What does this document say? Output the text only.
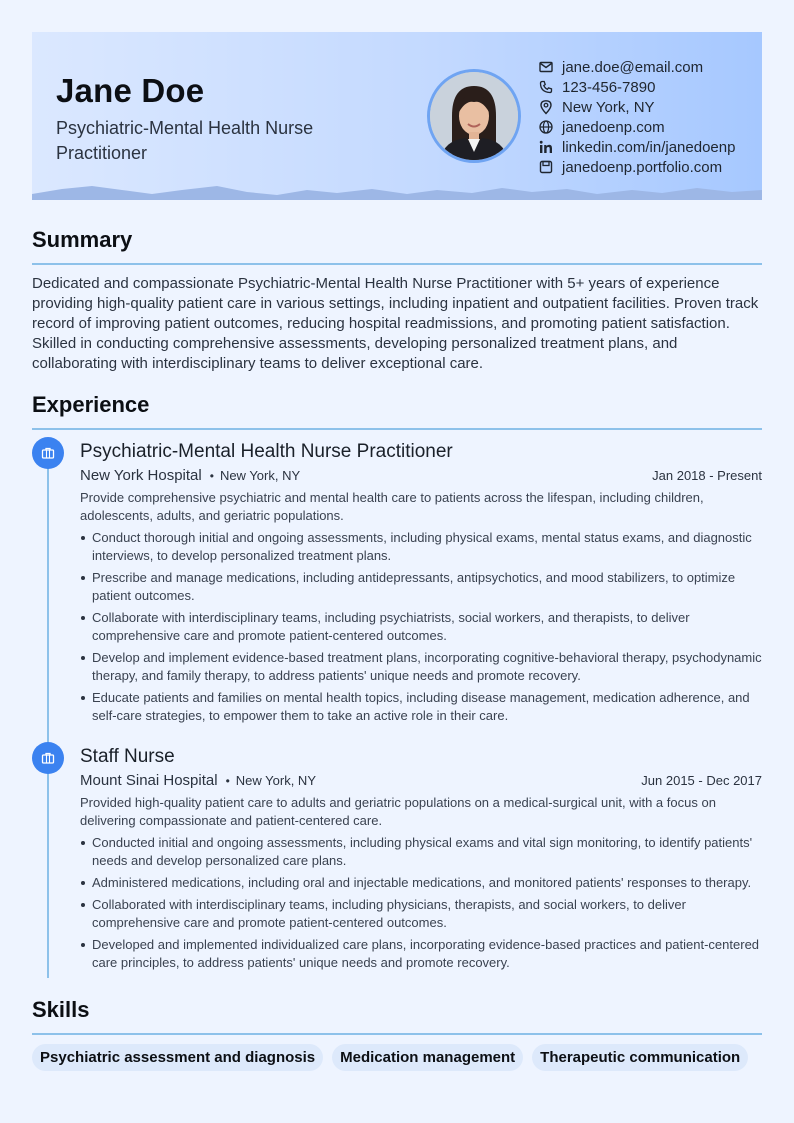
Jane Doe
Psychiatric-Mental Health Nurse Practitioner
jane.doe@email.com
123-456-7890
New York, NY
janedoenp.com
linkedin.com/in/janedoenp
janedoenp.portfolio.com
Summary
Dedicated and compassionate Psychiatric-Mental Health Nurse Practitioner with 5+ years of experience providing high-quality patient care in various settings, including inpatient and outpatient facilities. Proven track record of improving patient outcomes, reducing hospital readmissions, and promoting patient satisfaction. Skilled in conducting comprehensive assessments, developing personalized treatment plans, and collaborating with interdisciplinary teams to deliver exceptional care.
Experience
Psychiatric-Mental Health Nurse Practitioner
New York Hospital • New York, NY	Jan 2018 - Present
Provide comprehensive psychiatric and mental health care to patients across the lifespan, including children, adolescents, adults, and geriatric populations.
Conduct thorough initial and ongoing assessments, including physical exams, mental status exams, and diagnostic interviews, to develop personalized treatment plans.
Prescribe and manage medications, including antidepressants, antipsychotics, and mood stabilizers, to optimize patient outcomes.
Collaborate with interdisciplinary teams, including psychiatrists, social workers, and therapists, to deliver comprehensive care and promote patient-centered outcomes.
Develop and implement evidence-based treatment plans, incorporating cognitive-behavioral therapy, psychodynamic therapy, and family therapy, to address patients' unique needs and promote recovery.
Educate patients and families on mental health topics, including disease management, medication adherence, and self-care strategies, to empower them to take an active role in their care.
Staff Nurse
Mount Sinai Hospital • New York, NY	Jun 2015 - Dec 2017
Provided high-quality patient care to adults and geriatric populations on a medical-surgical unit, with a focus on delivering compassionate and patient-centered care.
Conducted initial and ongoing assessments, including physical exams and vital sign monitoring, to identify patients' needs and develop personalized care plans.
Administered medications, including oral and injectable medications, and monitored patients' responses to therapy.
Collaborated with interdisciplinary teams, including physicians, therapists, and social workers, to deliver comprehensive care and promote patient-centered outcomes.
Developed and implemented individualized care plans, incorporating evidence-based practices and patient-centered care principles, to address patients' unique needs and promote recovery.
Skills
Psychiatric assessment and diagnosis	Medication management	Therapeutic communication
